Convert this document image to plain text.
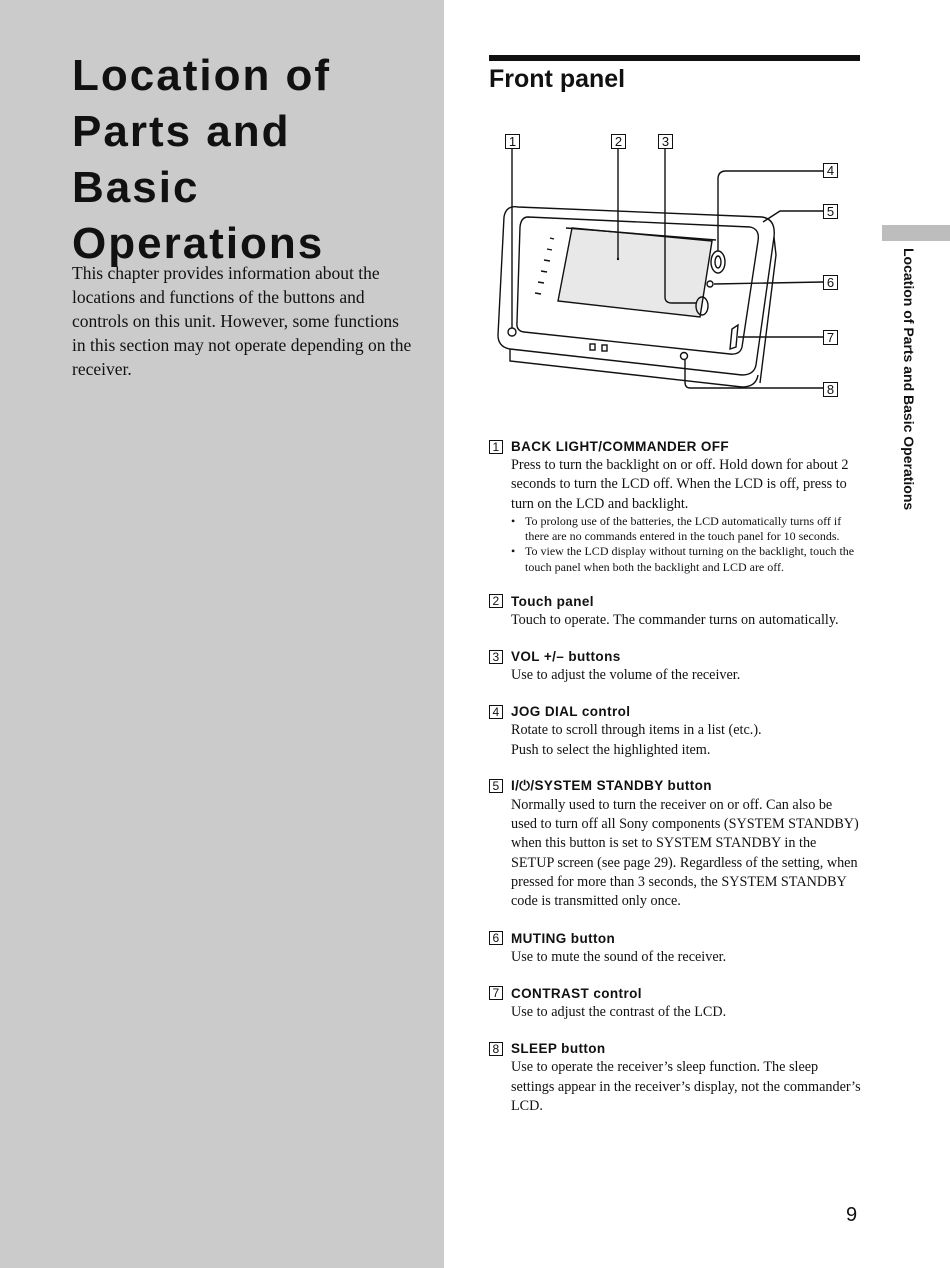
Location of
Parts and Basic
Operations

This chapter provides information about the locations and functions of the buttons and controls on this unit. However, some functions in this section may not operate depending on the receiver.

Front panel
Location of Parts and Basic Operations
1	2	3
4
5
6
7
8
1 BACK LIGHT/COMMANDER OFF

Press to turn the backlight on or off. Hold down for about 2 seconds to turn the LCD off. When the LCD is off, press to turn on the LCD and backlight.

• To prolong use of the batteries, the LCD automatically turns off if there are no commands entered in the touch panel for 10 seconds.
• To view the LCD display without turning on the backlight, touch the touch panel when both the backlight and LCD are off.
2 Touch panel

Touch to operate. The commander turns on automatically.

3 VOL +/– buttons

Use to adjust the volume of the receiver.

4 JOG DIAL control

Rotate to scroll through items in a list (etc.).
Push to select the highlighted item.

5 I/⏻/SYSTEM STANDBY button

Normally used to turn the receiver on or off. Can also be used to turn off all Sony components (SYSTEM STANDBY) when this button is set to SYSTEM STANDBY in the SETUP screen (see page 29). Regardless of the setting, when pressed for more than 3 seconds, the SYSTEM STANDBY code is transmitted only once.

6 MUTING button

Use to mute the sound of the receiver.

7 CONTRAST control

Use to adjust the contrast of the LCD.

8 SLEEP button

Use to operate the receiver’s sleep function. The sleep settings appear in the receiver’s display, not the commander’s LCD.

9
